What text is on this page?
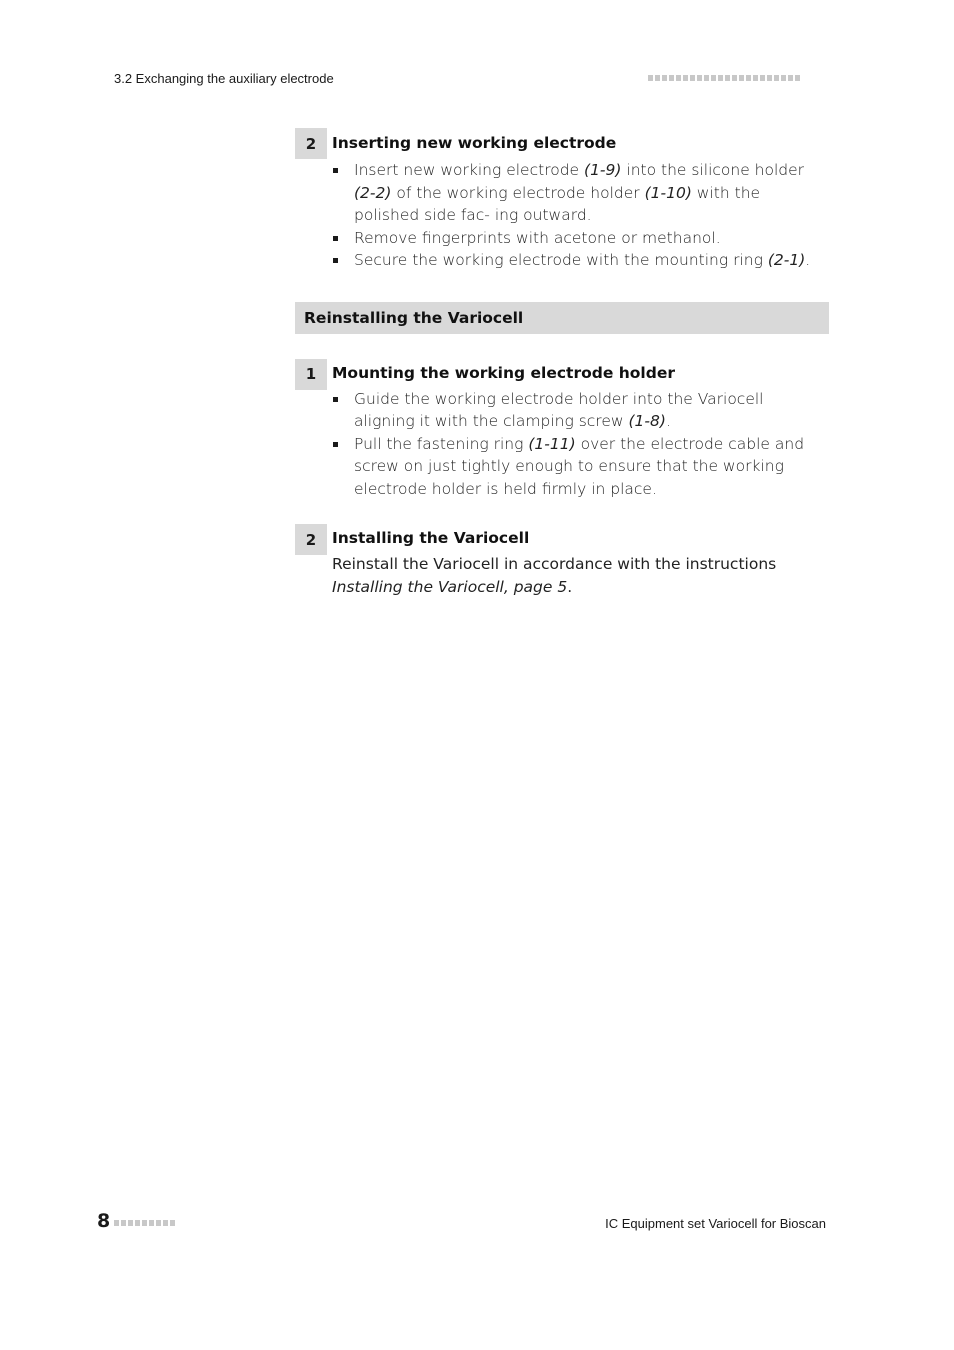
3.2 Exchanging the auxiliary electrode
2	Inserting new working electrode
Insert new working electrode (1-9) into the silicone holder (2-2) of the working electrode holder (1-10) with the polished side fac- ing outward.
Remove fingerprints with acetone or methanol.
Secure the working electrode with the mounting ring (2-1).
Reinstalling the Variocell
1	Mounting the working electrode holder
Guide the working electrode holder into the Variocell aligning it with the clamping screw (1-8).
Pull the fastening ring (1-11) over the electrode cable and screw on just tightly enough to ensure that the working electrode holder is held firmly in place.
2	Installing the Variocell
Reinstall the Variocell in accordance with the instructions Installing the Variocell, page 5.
8	IC Equipment set Variocell for Bioscan
